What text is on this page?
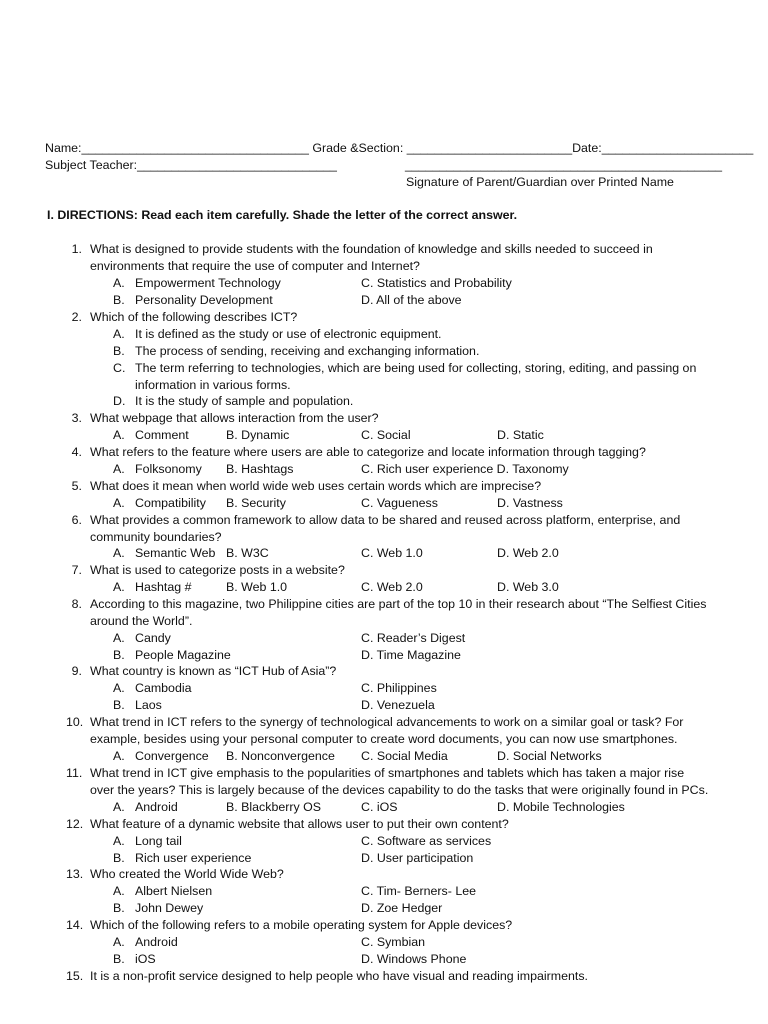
Name:_________________________________ Grade &Section: ________________________Date:______________________
Subject Teacher:_____________________________	______________________________________________
Signature of Parent/Guardian over Printed Name
I. DIRECTIONS: Read each item carefully. Shade the letter of the correct answer.
1. What is designed to provide students with the foundation of knowledge and skills needed to succeed in
environments that require the use of computer and Internet?
A. Empowerment Technology	C. Statistics and Probability
B. Personality Development	D. All of the above
2. Which of the following describes ICT?
A. It is defined as the study or use of electronic equipment.
B. The process of sending, receiving and exchanging information.
C. The term referring to technologies, which are being used for collecting, storing, editing, and passing on
information in various forms.
D. It is the study of sample and population.
3. What webpage that allows interaction from the user?
A. Comment	B. Dynamic	C. Social	D. Static
4. What refers to the feature where users are able to categorize and locate information through tagging?
A. Folksonomy B. Hashtags	C. Rich user experience D. Taxonomy
5. What does it mean when world wide web uses certain words which are imprecise?
A. Compatibility B. Security	C. Vagueness	D. Vastness
6. What provides a common framework to allow data to be shared and reused across platform, enterprise, and
community boundaries?
A. Semantic Web B. W3C	C. Web 1.0	D. Web 2.0
7. What is used to categorize posts in a website?
A. Hashtag #	B. Web 1.0	C. Web 2.0	D. Web 3.0
8. According to this magazine, two Philippine cities are part of the top 10 in their research about “The Selfiest Cities
around the World”.
A. Candy	C. Reader’s Digest
B. People Magazine	D. Time Magazine
9. What country is known as “ICT Hub of Asia”?
A. Cambodia	C. Philippines
B. Laos	D. Venezuela
10. What trend in ICT refers to the synergy of technological advancements to work on a similar goal or task? For
example, besides using your personal computer to create word documents, you can now use smartphones.
A. Convergence B. Nonconvergence C. Social Media	D. Social Networks
11. What trend in ICT give emphasis to the popularities of smartphones and tablets which has taken a major rise
over the years? This is largely because of the devices capability to do the tasks that were originally found in PCs.
A. Android	B. Blackberry OS	C. iOS	D. Mobile Technologies
12. What feature of a dynamic website that allows user to put their own content?
A. Long tail	C. Software as services
B. Rich user experience	D. User participation
13. Who created the World Wide Web?
A. Albert Nielsen	C. Tim- Berners- Lee
B. John Dewey	D. Zoe Hedger
14. Which of the following refers to a mobile operating system for Apple devices?
A. Android	C. Symbian
B. iOS	D. Windows Phone
15. It is a non-profit service designed to help people who have visual and reading impairments.
